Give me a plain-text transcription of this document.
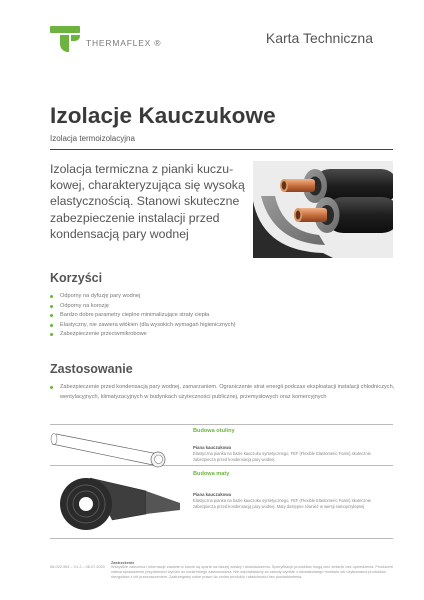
THERMAFLEX ®	Karta Techniczna
Izolacje Kauczukowe
Izolacja termoizolacyjna

Izolacja termiczna z pianki kuczukowej, charakteryzująca się wysoką elastycznością. Stanowi skuteczne zabezpieczenie instalacji przed kondensacją pary wodnej

Korzyści
Odporny na dyfuzję pary wodnej
Odporny na korozję
Bardzo dobre parametry cieplne minimalizujące straty ciepła
Elastyczny, nie zawiera włókien (dla wysokich wymagań higienicznych)
Zabezpieczenie przeciwmikrobowe
Zastosowanie
Zabezpieczenie przed kondensacją pary wodnej, zamarzaniem. Ograniczenie strat energii podczas eksploatacji instalacji chłodniczych, wentylacyjnych, klimatyzacyjnych w budynkach użyteczności publicznej, przemysłowych oraz komercyjnych
Budowa otuliny
Piana kauczukowa
Elastyczna pianka na bazie kauczuku syntetycznego, FEF (Flexible Elastomeric Foam) skutecznie zabezpiecza przed kondensacją pary wodnej
Budowa maty
Piana kauczukowa
Elastyczna pianka na bazie kauczuku syntetycznego, FEF (Flexible Elastomeric Foam) skutecznie zabezpiecza przed kondensacją pary wodnej. Maty dostępne również w wersji samoprzylepnej
08-022-963 – V1.2 – 08.07.2020
Zastrzeżenie
Wszystkie zalecenia i informacje zawarte w karcie są oparte na naszej wiedzy i doświadczeniu. Specyfikacje produktów mogą ulec zmianie bez uprzedzenia. Producent zaleca sprawdzenie przydatności wyrobu do konkretnego zastosowania. Nie odpowiadamy za szkody wynikłe z niewłaściwego montażu lub użytkowania produktów niezgodnie z ich przeznaczeniem. Zastrzegamy sobie prawo do zmian produktu i właściwości bez powiadomienia.
